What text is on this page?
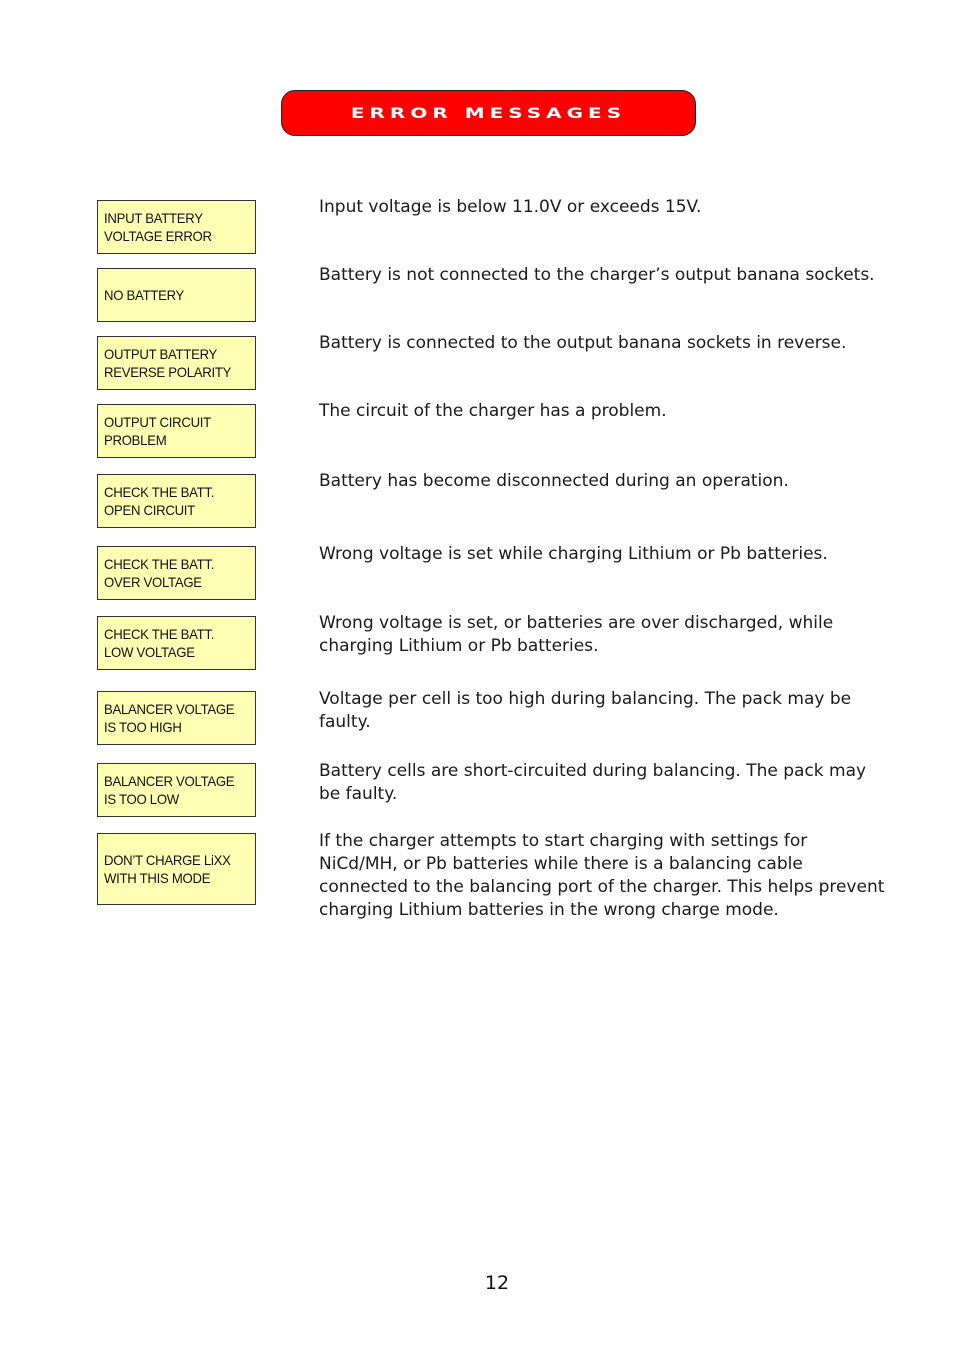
ERROR MESSAGES
INPUT BATTERY
VOLTAGE ERROR
Input voltage is below 11.0V or exceeds 15V.
NO BATTERY
Battery is not connected to the charger’s output banana sockets.
OUTPUT BATTERY
REVERSE POLARITY
Battery is connected to the output banana sockets in reverse.
OUTPUT CIRCUIT
PROBLEM
The circuit of the charger has a problem.
CHECK THE BATT.
OPEN CIRCUIT
Battery has become disconnected during an operation.
CHECK THE BATT.
OVER VOLTAGE
Wrong voltage is set while charging Lithium or Pb batteries.
CHECK THE BATT.
LOW VOLTAGE
Wrong voltage is set, or batteries are over discharged, while charging Lithium or Pb batteries.
BALANCER VOLTAGE
IS TOO HIGH
Voltage per cell is too high during balancing. The pack may be faulty.
BALANCER VOLTAGE
IS TOO LOW
Battery cells are short-circuited during balancing. The pack may be faulty.
DON’T CHARGE LiXX
WITH THIS MODE
If the charger attempts to start charging with settings for NiCd/MH, or Pb batteries while there is a balancing cable connected to the balancing port of the charger. This helps prevent charging Lithium batteries in the wrong charge mode.
12
